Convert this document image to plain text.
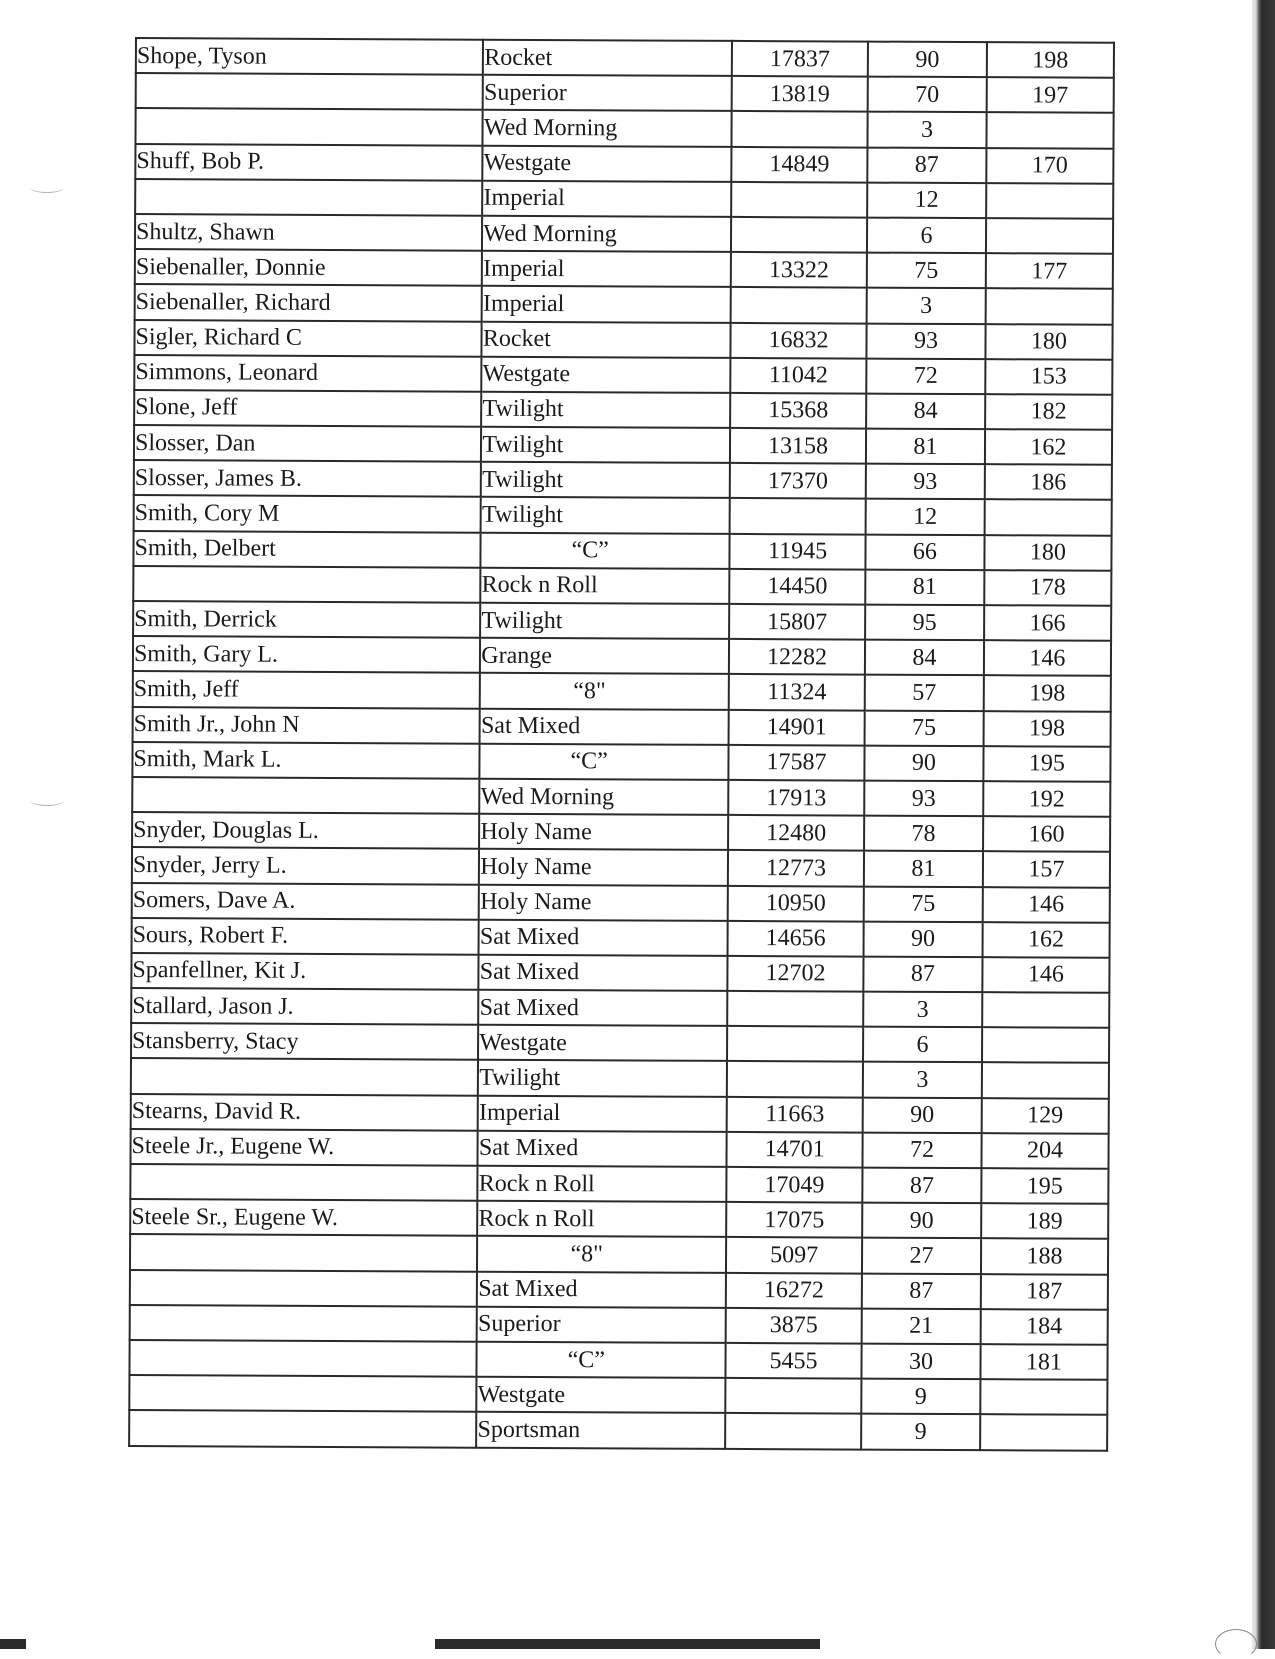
Shope, Tyson	Rocket	17837	90	198
	Superior	13819	70	197
	Wed Morning		3	
Shuff, Bob P.	Westgate	14849	87	170
	Imperial		12	
Shultz, Shawn	Wed Morning		6	
Siebenaller, Donnie	Imperial	13322	75	177
Siebenaller, Richard	Imperial		3	
Sigler, Richard C	Rocket	16832	93	180
Simmons, Leonard	Westgate	11042	72	153
Slone, Jeff	Twilight	15368	84	182
Slosser, Dan	Twilight	13158	81	162
Slosser, James B.	Twilight	17370	93	186
Smith, Cory M	Twilight		12	
Smith, Delbert	“C”	11945	66	180
	Rock n Roll	14450	81	178
Smith, Derrick	Twilight	15807	95	166
Smith, Gary L.	Grange	12282	84	146
Smith, Jeff	“8"	11324	57	198
Smith Jr., John N	Sat Mixed	14901	75	198
Smith, Mark L.	“C”	17587	90	195
	Wed Morning	17913	93	192
Snyder, Douglas L.	Holy Name	12480	78	160
Snyder, Jerry L.	Holy Name	12773	81	157
Somers, Dave A.	Holy Name	10950	75	146
Sours, Robert F.	Sat Mixed	14656	90	162
Spanfellner, Kit J.	Sat Mixed	12702	87	146
Stallard, Jason J.	Sat Mixed		3	
Stansberry, Stacy	Westgate		6	
	Twilight		3	
Stearns, David R.	Imperial	11663	90	129
Steele Jr., Eugene W.	Sat Mixed	14701	72	204
	Rock n Roll	17049	87	195
Steele Sr., Eugene W.	Rock n Roll	17075	90	189
	“8"	5097	27	188
	Sat Mixed	16272	87	187
	Superior	3875	21	184
	“C”	5455	30	181
	Westgate		9	
	Sportsman		9	
